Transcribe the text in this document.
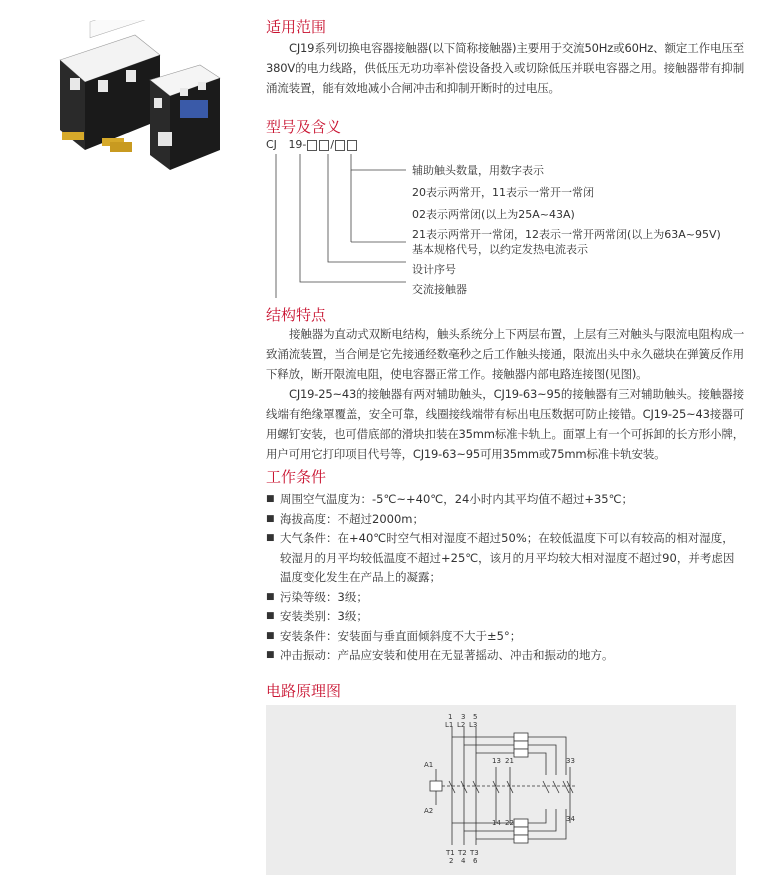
适用范围

CJ19系列切换电容器接触器(以下简称接触器)主要用于交流50Hz或60Hz、额定工作电压至380V的电力线路，供低压无功功率补偿设备投入或切除低压并联电容器之用。接触器带有抑制涌流装置，能有效地减小合闸冲击和抑制开断时的过电压。

型号及含义
CJ 19- /
辅助触头数量，用数字表示
20表示两常开，11表示一常开一常闭
02表示两常闭(以上为25A~43A)
21表示两常开一常闭，12表示一常开两常闭(以上为63A~95V)
基本规格代号，以约定发热电流表示
设计序号
交流接触器
结构特点

接触器为直动式双断电结构，触头系统分上下两层布置，上层有三对触头与限流电阻构成一致涌流装置，当合闸是它先接通经数毫秒之后工作触头接通，限流出头中永久磁块在弹簧反作用下释放，断开限流电阻，使电容器正常工作。接触器内部电路连接图(见图)。

CJ19-25~43的接触器有两对辅助触头，CJ19-63~95的接触器有三对辅助触头。接触器接线端有绝缘罩覆盖，安全可靠，线圈接线端带有标出电压数据可防止接错。CJ19-25~43接器可用螺钉安装，也可借底部的滑块扣装在35mm标准卡轨上。面罩上有一个可拆卸的长方形小牌，用户可用它打印项目代号等，CJ19-63~95可用35mm或75mm标准卡轨安装。

工作条件
■ 周围空气温度为：-5℃~+40℃，24小时内其平均值不超过+35℃；
■ 海拔高度：不超过2000m；
■ 大气条件：在+40℃时空气相对湿度不超过50%；在较低温度下可以有较高的相对湿度，较湿月的月平均较低温度不超过+25℃，该月的月平均较大相对湿度不超过90，并考虑因温度变化发生在产品上的凝露；
■ 污染等级：3级；
■ 安装类别：3级；
■ 安装条件：安装面与垂直面倾斜度不大于±5°；
■ 冲击振动：产品应安装和使用在无显著摇动、冲击和振动的地方。
电路原理图
1 3 5
L1 L2 L3
13 21	33
A1
A2
14 22	34
T1 T2 T3
2 4 6
